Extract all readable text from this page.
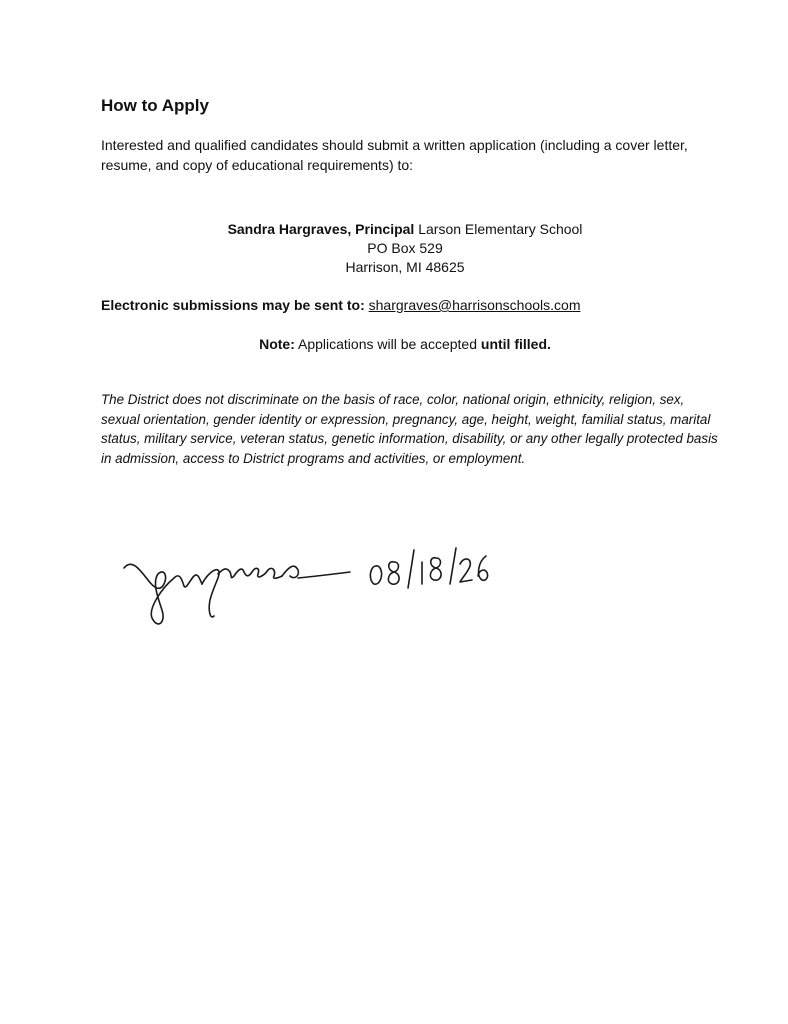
How to Apply
Interested and qualified candidates should submit a written application (including a cover letter, resume, and copy of educational requirements) to:
Sandra Hargraves, Principal Larson Elementary School
PO Box 529
Harrison, MI 48625
Electronic submissions may be sent to: shargraves@harrisonschools.com
Note: Applications will be accepted until filled.
The District does not discriminate on the basis of race, color, national origin, ethnicity, religion, sex, sexual orientation, gender identity or expression, pregnancy, age, height, weight, familial status, marital status, military service, veteran status, genetic information, disability, or any other legally protected basis in admission, access to District programs and activities, or employment.
